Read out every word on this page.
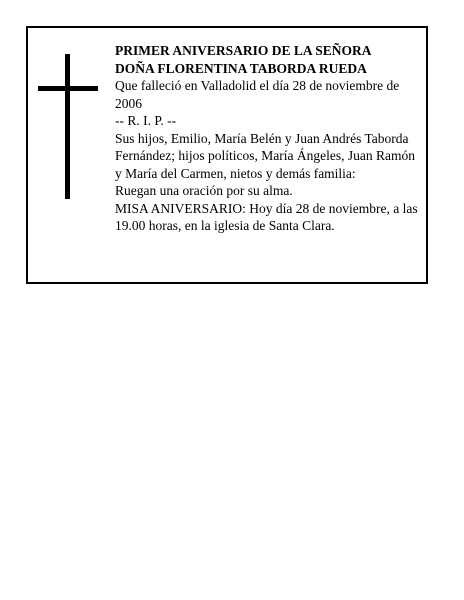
PRIMER ANIVERSARIO DE LA SEÑORA

DOÑA FLORENTINA TABORDA RUEDA

Que falleció en Valladolid el día 28 de noviembre de 2006

-- R. I. P. --

Sus hijos, Emilio, María Belén y Juan Andrés Taborda Fernández; hijos políticos, María Ángeles, Juan Ramón y María del Carmen, nietos y demás familia:

Ruegan una oración por su alma.

MISA ANIVERSARIO: Hoy día 28 de noviembre, a las 19.00 horas, en la iglesia de Santa Clara.
